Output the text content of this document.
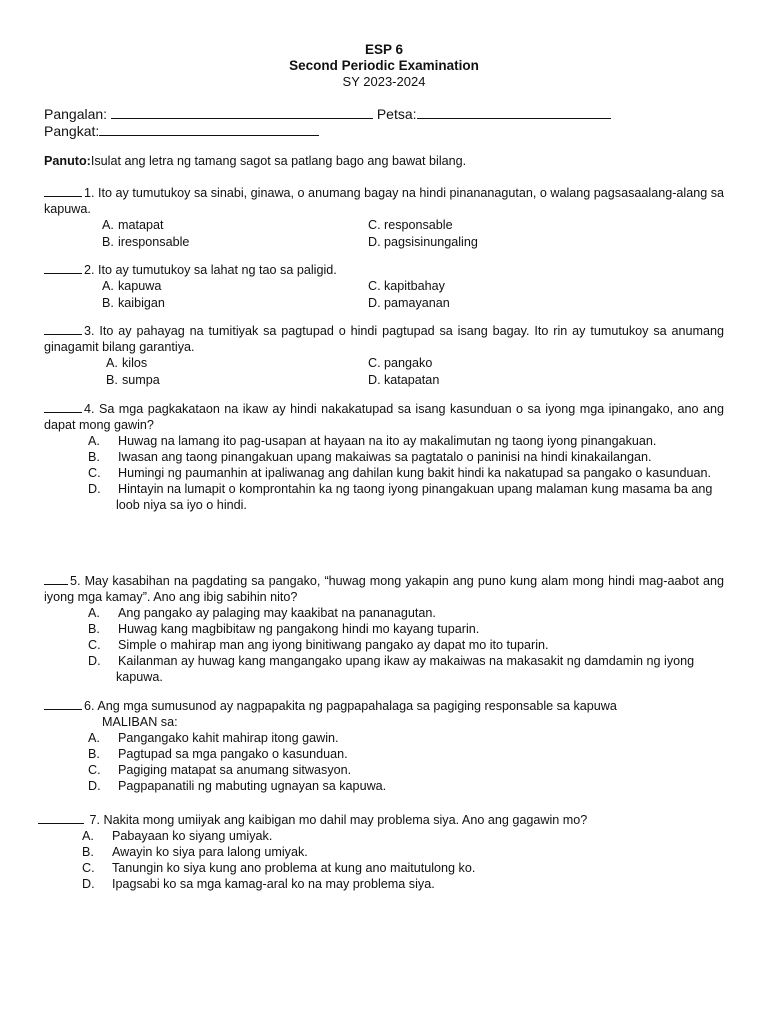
ESP 6
Second Periodic Examination
SY 2023-2024
Pangalan:	Petsa:
Pangkat:
Panuto:Isulat ang letra ng tamang sagot sa patlang bago ang bawat bilang.
1. Ito ay tumutukoy sa sinabi, ginawa, o anumang bagay na hindi pinananagutan, o walang pagsasaalang-alang sa kapuwa.
A. matapat
B. iresponsable
C. responsable
D. pagsisinungaling
2. Ito ay tumutukoy sa lahat ng tao sa paligid.
A. kapuwa
B. kaibigan
C. kapitbahay
D. pamayanan
3. Ito ay pahayag na tumitiyak sa pagtupad o hindi pagtupad sa isang bagay. Ito rin ay tumutukoy sa anumang ginagamit bilang garantiya.
A. kilos
B. sumpa
C. pangako
D. katapatan
4. Sa mga pagkakataon na ikaw ay hindi nakakatupad sa isang kasunduan o sa iyong mga ipinangako, ano ang dapat mong gawin?
A. Huwag na lamang ito pag-usapan at hayaan na ito ay makalimutan ng taong iyong pinangakuan.
B. Iwasan ang taong pinangakuan upang makaiwas sa pagtatalo o paninisi na hindi kinakailangan.
C. Humingi ng paumanhin at ipaliwanag ang dahilan kung bakit hindi ka nakatupad sa pangako o kasunduan.
D. Hintayin na lumapit o komprontahin ka ng taong iyong pinangakuan upang malaman kung masama ba ang loob niya sa iyo o hindi.
5. May kasabihan na pagdating sa pangako, “huwag mong yakapin ang puno kung alam mong hindi mag-aabot ang iyong mga kamay”. Ano ang ibig sabihin nito?
A. Ang pangako ay palaging may kaakibat na pananagutan.
B. Huwag kang magbibitaw ng pangakong hindi mo kayang tuparin.
C. Simple o mahirap man ang iyong binitiwang pangako ay dapat mo ito tuparin.
D. Kailanman ay huwag kang mangangako upang ikaw ay makaiwas na makasakit ng damdamin ng iyong kapuwa.
6. Ang mga sumusunod ay nagpapakita ng pagpapahalaga sa pagiging responsable sa kapuwa
MALIBAN sa:
A. Pangangako kahit mahirap itong gawin.
B. Pagtupad sa mga pangako o kasunduan.
C. Pagiging matapat sa anumang sitwasyon.
D. Pagpapanatili ng mabuting ugnayan sa kapuwa.
7. Nakita mong umiiyak ang kaibigan mo dahil may problema siya. Ano ang gagawin mo?
A. Pabayaan ko siyang umiyak.
B. Awayin ko siya para lalong umiyak.
C. Tanungin ko siya kung ano problema at kung ano maitutulong ko.
D. Ipagsabi ko sa mga kamag-aral ko na may problema siya.
